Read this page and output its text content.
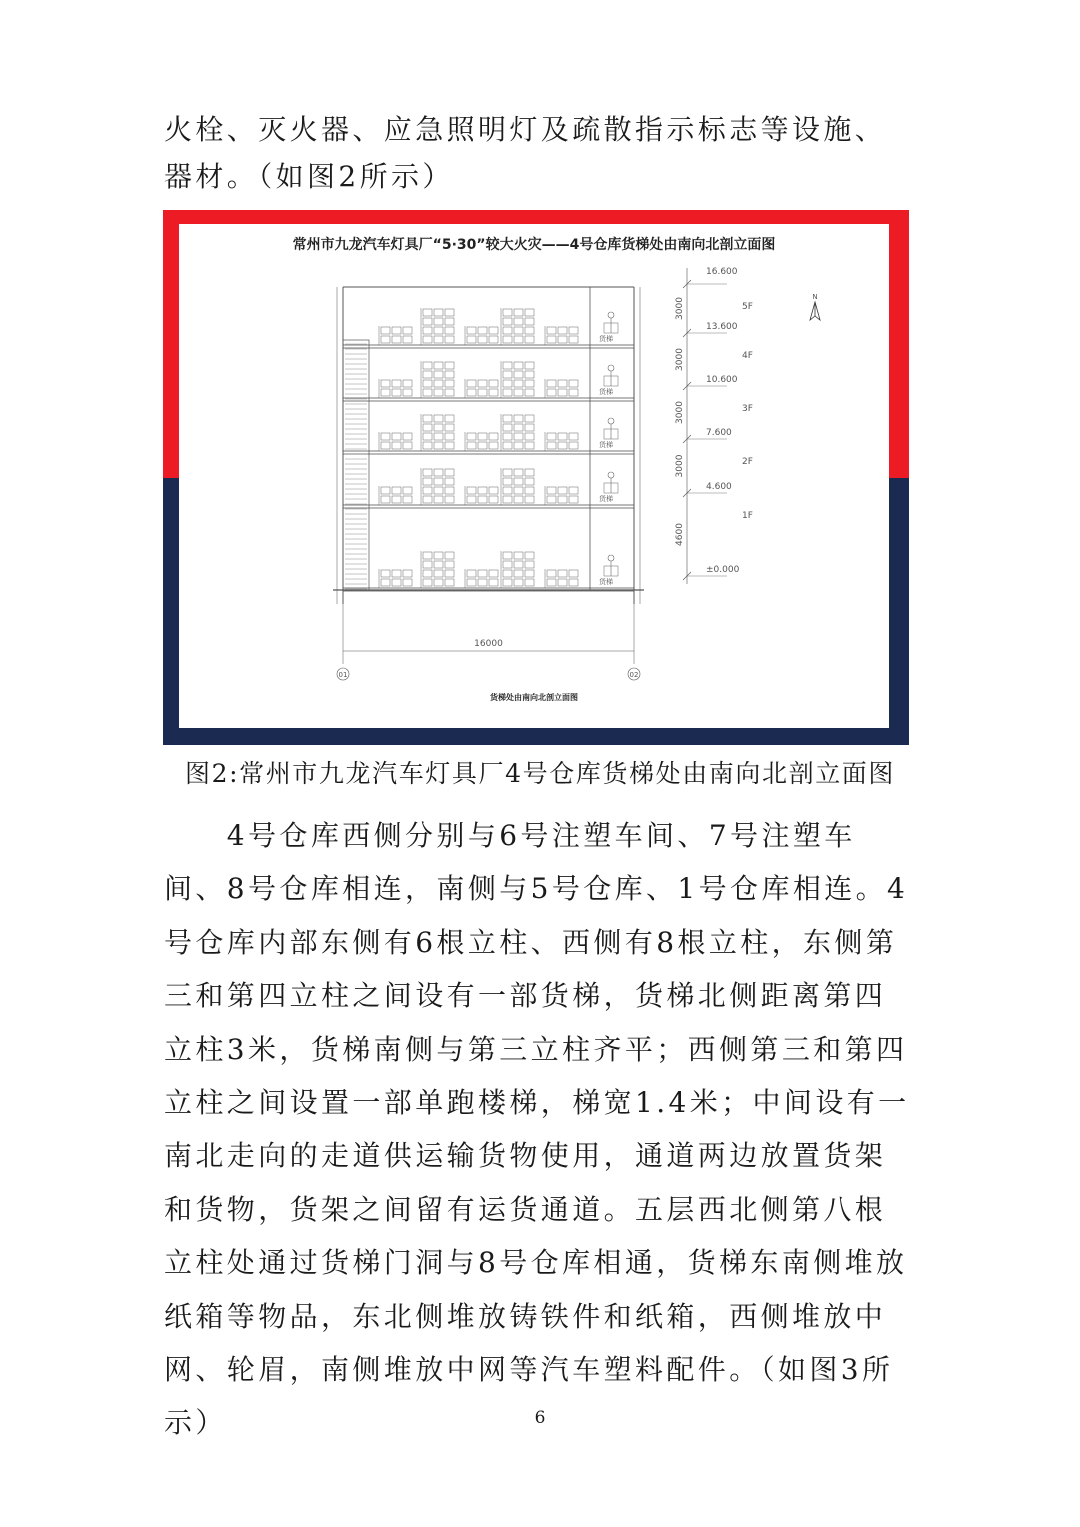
火栓、灭火器、应急照明灯及疏散指示标志等设施、器材。（如图2所示）

货梯
货梯
货梯
货梯
货梯
16000
01	02
16.600
3000
13.600
5F
3000
10.600
4F
3000
7.600
3F
3000
4.600
2F
4600
±0.000
1F
N

常州市九龙汽车灯具厂“5·30”较大火灾——4号仓库货梯处由南向北剖立面图

货梯处由南向北剖立面图

图2:常州市九龙汽车灯具厂4号仓库货梯处由南向北剖立面图

　　4号仓库西侧分别与6号注塑车间、7号注塑车间、8号仓库相连，南侧与5号仓库、1号仓库相连。4号仓库内部东侧有6根立柱、西侧有8根立柱，东侧第三和第四立柱之间设有一部货梯，货梯北侧距离第四立柱3米，货梯南侧与第三立柱齐平；西侧第三和第四立柱之间设置一部单跑楼梯，梯宽1.4米；中间设有一南北走向的走道供运输货物使用，通道两边放置货架和货物，货架之间留有运货通道。五层西北侧第八根立柱处通过货梯门洞与8号仓库相通，货梯东南侧堆放纸箱等物品，东北侧堆放铸铁件和纸箱，西侧堆放中网、轮眉，南侧堆放中网等汽车塑料配件。（如图3所示）	6
